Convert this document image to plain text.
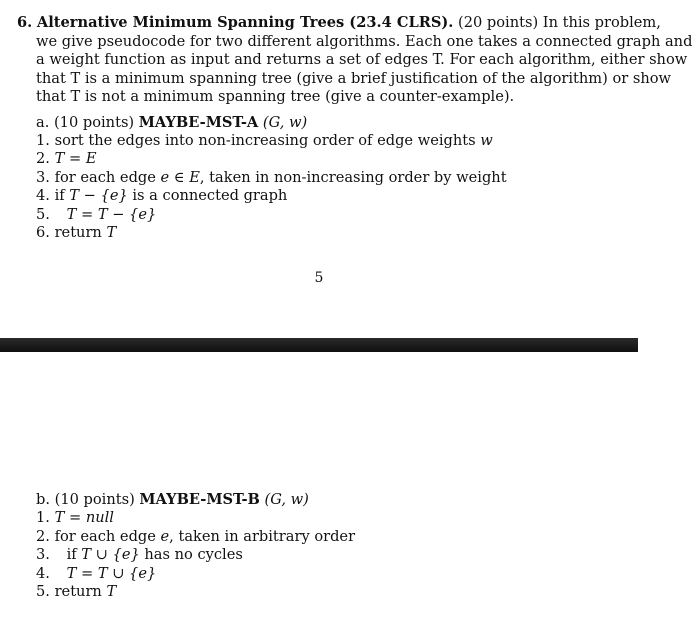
6. Alternative Minimum Spanning Trees (23.4 CLRS). (20 points) In this problem,
we give pseudocode for two different algorithms. Each one takes a connected graph and
a weight function as input and returns a set of edges T. For each algorithm, either show
that T is a minimum spanning tree (give a brief justification of the algorithm) or show
that T is not a minimum spanning tree (give a counter-example).
a. (10 points) MAYBE-MST-A (G, w)
1. sort the edges into non-increasing order of edge weights w
2. T = E
3. for each edge e ∈ E, taken in non-increasing order by weight
4. if T − {e} is a connected graph
5. T = T − {e}
6. return T
5
b. (10 points) MAYBE-MST-B (G, w)
1. T = null
2. for each edge e, taken in arbitrary order
3. if T ∪ {e} has no cycles
4. T = T ∪ {e}
5. return T
